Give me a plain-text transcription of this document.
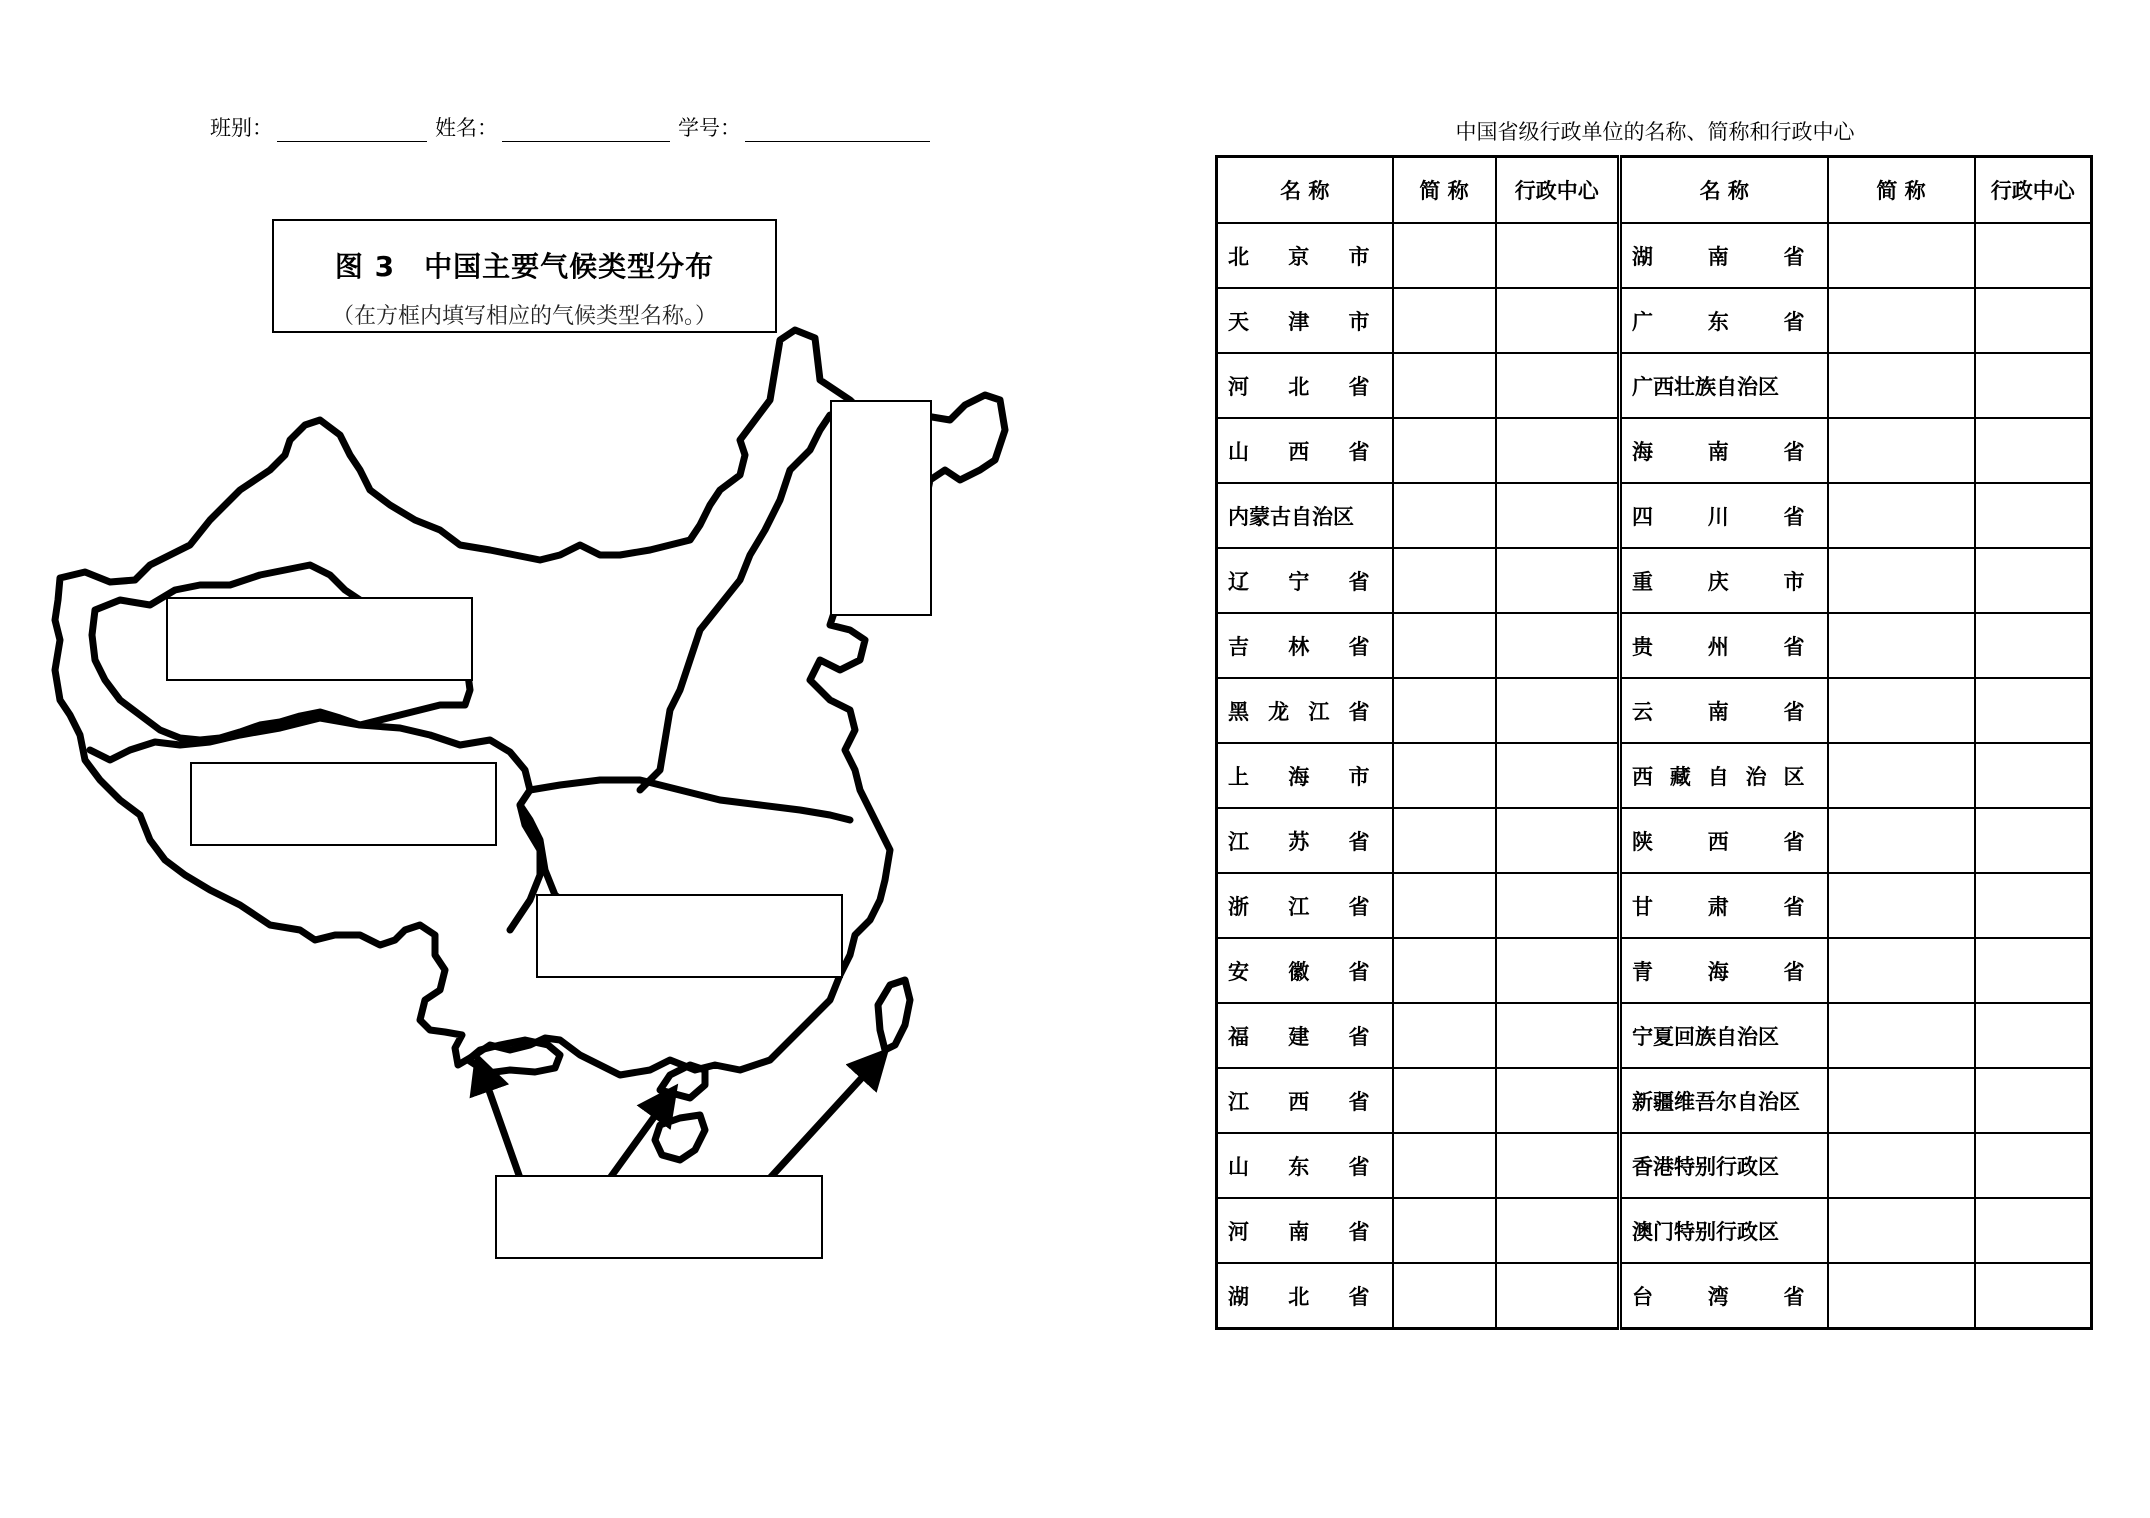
班别：	姓名：	学号：
图 3　中国主要气候类型分布
（在方框内填写相应的气候类型名称。）
中国省级行政单位的名称、简称和行政中心
名 称	简 称	行政中心	名 称	简 称	行政中心
北 京 市			湖 南 省		
天 津 市			广 东 省		
河 北 省			广西壮族自治区		
山 西 省			海 南 省		
内蒙古自治区			四 川 省		
辽 宁 省			重 庆 市		
吉 林 省			贵 州 省		
黑 龙 江 省			云 南 省		
上 海 市			西 藏 自 治 区		
江 苏 省			陕 西 省		
浙 江 省			甘 肃 省		
安 徽 省			青 海 省		
福 建 省			宁夏回族自治区		
江 西 省			新疆维吾尔自治区		
山 东 省			香港特别行政区		
河 南 省			澳门特别行政区		
湖 北 省			台 湾 省		
